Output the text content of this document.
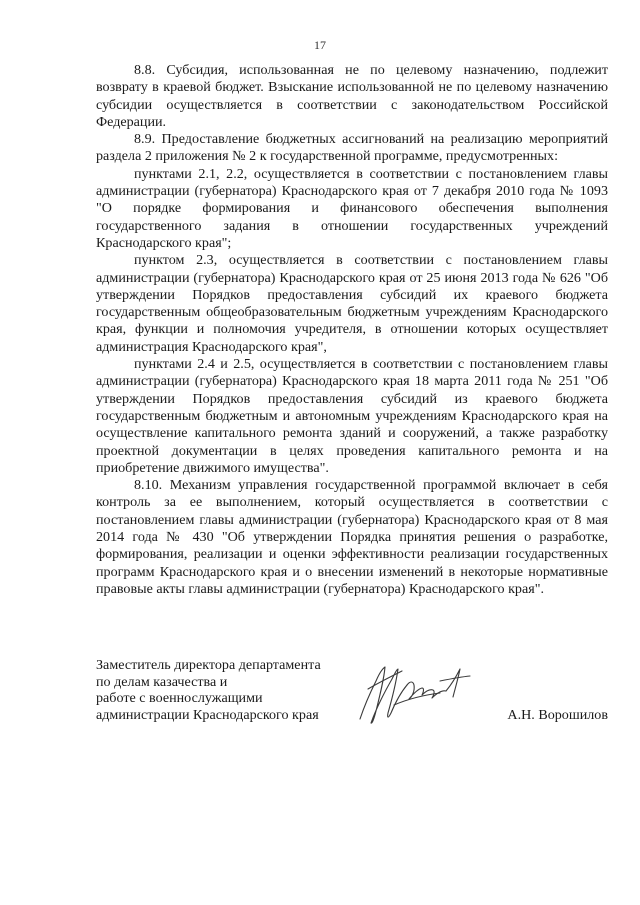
17

8.8. Субсидия, использованная не по целевому назначению, подлежит возврату в краевой бюджет. Взыскание использованной не по целевому назначению субсидии осуществляется в соответствии с законодательством Российской Федерации.

8.9. Предоставление бюджетных ассигнований на реализацию мероприятий раздела 2 приложения № 2 к государственной программе, предусмотренных:

пунктами 2.1, 2.2, осуществляется в соответствии с постановлением главы администрации (губернатора) Краснодарского края от 7 декабря 2010 года № 1093 "О порядке формирования и финансового обеспечения выполнения государственного задания в отношении государственных учреждений Краснодарского края";

пунктом 2.3, осуществляется в соответствии с постановлением главы администрации (губернатора) Краснодарского края от 25 июня 2013 года № 626 "Об утверждении Порядков предоставления субсидий их краевого бюджета государственным общеобразовательным бюджетным учреждениям Краснодарского края, функции и полномочия учредителя, в отношении которых осуществляет администрация Краснодарского края",

пунктами 2.4 и 2.5, осуществляется в соответствии с постановлением главы администрации (губернатора) Краснодарского края 18 марта 2011 года № 251 "Об утверждении Порядков предоставления субсидий из краевого бюджета государственным бюджетным и автономным учреждениям Краснодарского края на осуществление капитального ремонта зданий и сооружений, а также разработку проектной документации в целях проведения капитального ремонта и на приобретение движимого имущества".

8.10. Механизм управления государственной программой включает в себя контроль за ее выполнением, который осуществляется в соответствии с постановлением главы администрации (губернатора) Краснодарского края от 8 мая 2014 года № 430 "Об утверждении Порядка принятия решения о разработке, формирования, реализации и оценки эффективности реализации государственных программ Краснодарского края и о внесении изменений в некоторые нормативные правовые акты главы администрации (губернатора) Краснодарского края".

Заместитель директора департамента
по делам казачества и
работе с военнослужащими
администрации Краснодарского края	А.Н. Ворошилов
